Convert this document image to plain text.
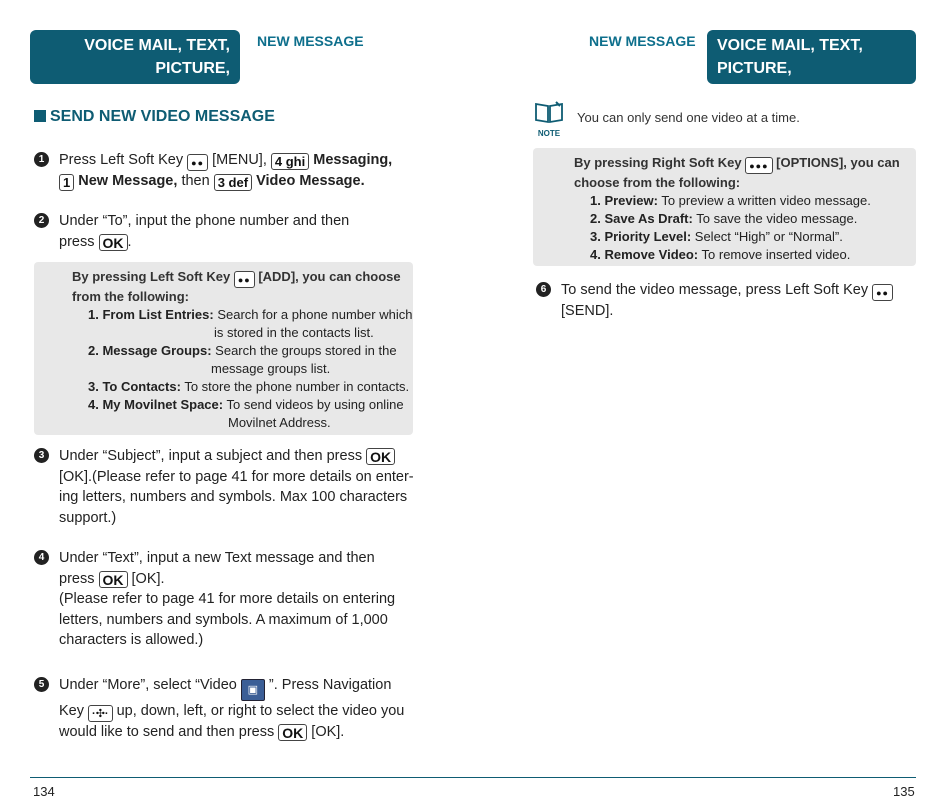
VOICE MAIL, TEXT, PICTURE,
VIDEO MESSAGING
NEW MESSAGE
SEND NEW VIDEO MESSAGE
1	Press Left Soft Key ●● [MENU], 4 ghi Messaging,
1 New Message, then 3 def Video Message.
2	Under “To”, input the phone number and then
press OK .
By pressing Left Soft Key ●● [ADD], you can choose
from the following:
1. From List Entries: Search for a phone number which
is stored in the contacts list.
2. Message Groups: Search the groups stored in the
message groups list.
3. To Contacts: To store the phone number in contacts.
4. My Movilnet Space: To send videos by using online
Movilnet Address.
3	Under “Subject”, input a subject and then press OK
[OK].(Please refer to page 41 for more details on enter-
ing letters, numbers and symbols. Max 100 characters
support.)
4	Under “Text”, input a new Text message and then
press OK [OK].
(Please refer to page 41 for more details on entering
letters, numbers and symbols. A maximum of 1,000
characters is allowed.)
5	Under “More”, select “Video ▣ ”. Press Navigation
Key ·✣· up, down, left, or right to select the video you
would like to send and then press OK [OK].
NEW MESSAGE VOICE MAIL, TEXT, PICTURE,
VIDEO MESSAGING
NOTE
You can only send one video at a time.
By pressing Right Soft Key ●●● [OPTIONS], you can
choose from the following:
1. Preview: To preview a written video message.
2. Save As Draft: To save the video message.
3. Priority Level: Select “High” or “Normal”.
4. Remove Video: To remove inserted video.
6	To send the video message, press Left Soft Key ●●
[SEND].
134	135
